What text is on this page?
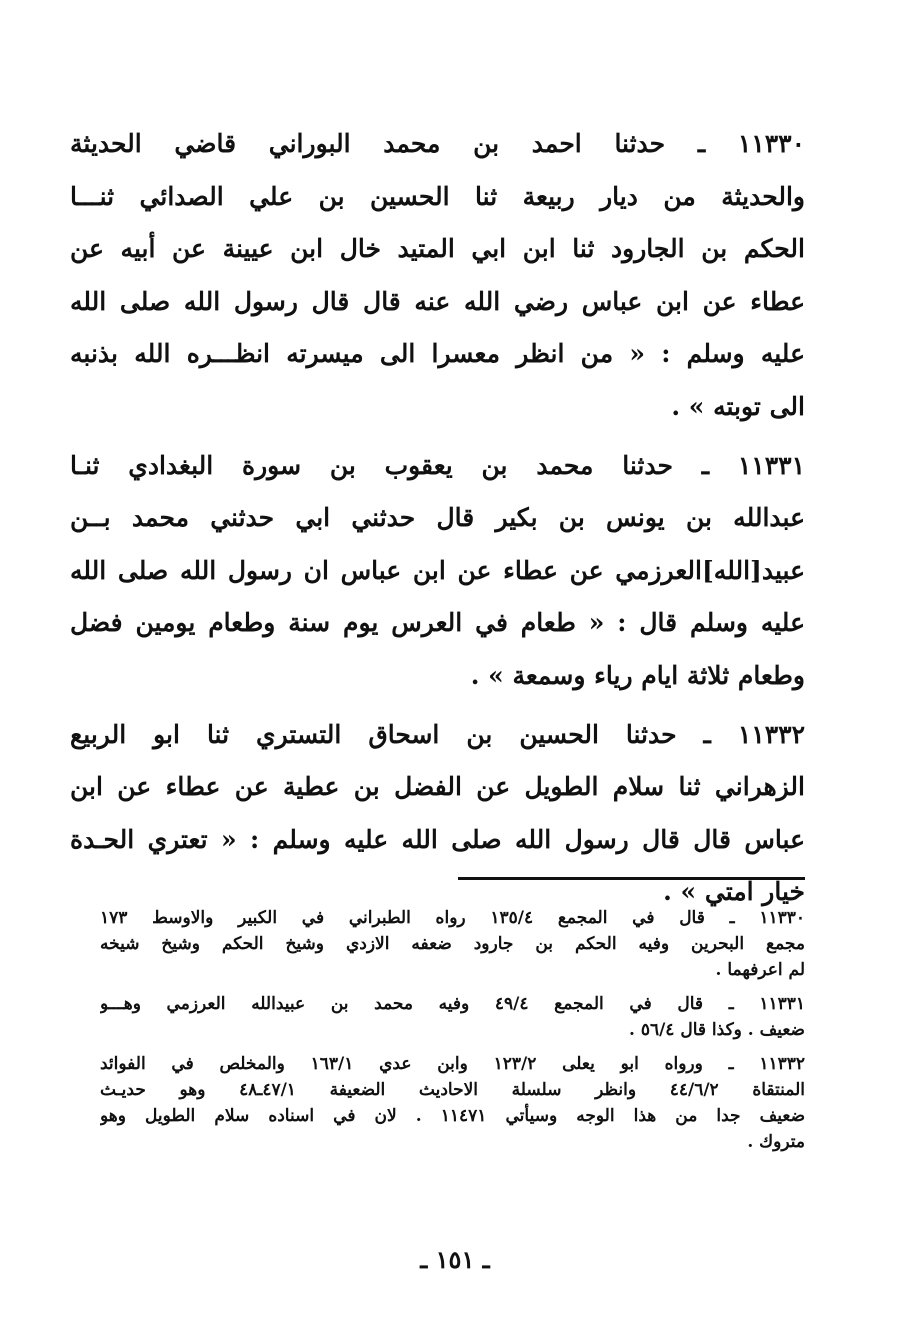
١١٣٣٠ ـ حدثنا احمد بن محمد البوراني قاضي الحديثة
والحديثة من ديار ربيعة ثنا الحسين بن علي الصدائي ثنـــا
الحكم بن الجارود ثنا ابن ابي المتيد خال ابن عيينة عن أبيه عن
عطاء عن ابن عباس رضي الله عنه قال قال رسول الله صلى الله
عليه وسلم : « من انظر معسرا الى ميسرته انظـــره الله بذنبه
الى توبته » .
١١٣٣١ ـ حدثنا محمد بن يعقوب بن سورة البغدادي ثنـا
عبدالله بن يونس بن بكير قال حدثني ابي حدثني محمد بــن
عبيد[الله]العرزمي عن عطاء عن ابن عباس ان رسول الله صلى الله
عليه وسلم قال : « طعام في العرس يوم سنة وطعام يومين فضل
وطعام ثلاثة ايام رياء وسمعة » .
١١٣٣٢ ـ حدثنا الحسين بن اسحاق التستري ثنا ابو الربيع
الزهراني ثنا سلام الطويل عن الفضل بن عطية عن عطاء عن ابن
عباس قال قال رسول الله صلى الله عليه وسلم : « تعتري الحـدة
خيار امتي » .
١١٣٣٠ ـ قال في المجمع ١٣٥/٤ رواه الطبراني في الكبير والاوسط ١٧٣
مجمع البحرين وفيه الحكم بن جارود ضعفه الازدي وشيخ الحكم وشيخ شيخه
لم اعرفهما .
١١٣٣١ ـ قال في المجمع ٤٩/٤ وفيه محمد بن عبيدالله العرزمي وهـــو
ضعيف . وكذا قال ٥٦/٤ .
١١٣٣٢ ـ ورواه ابو يعلى ١٢٣/٢ وابن عدي ١٦٣/١ والمخلص في الفوائد
المنتقاة ٤٤/٦/٢ وانظر سلسلة الاحاديث الضعيفة ٤٧/١ـ٤٨ وهو حديـث
ضعيف جدا من هذا الوجه وسيأتي ١١٤٧١ . لان في اسناده سلام الطويل وهو
متروك .
ـ ١٥١ ـ
